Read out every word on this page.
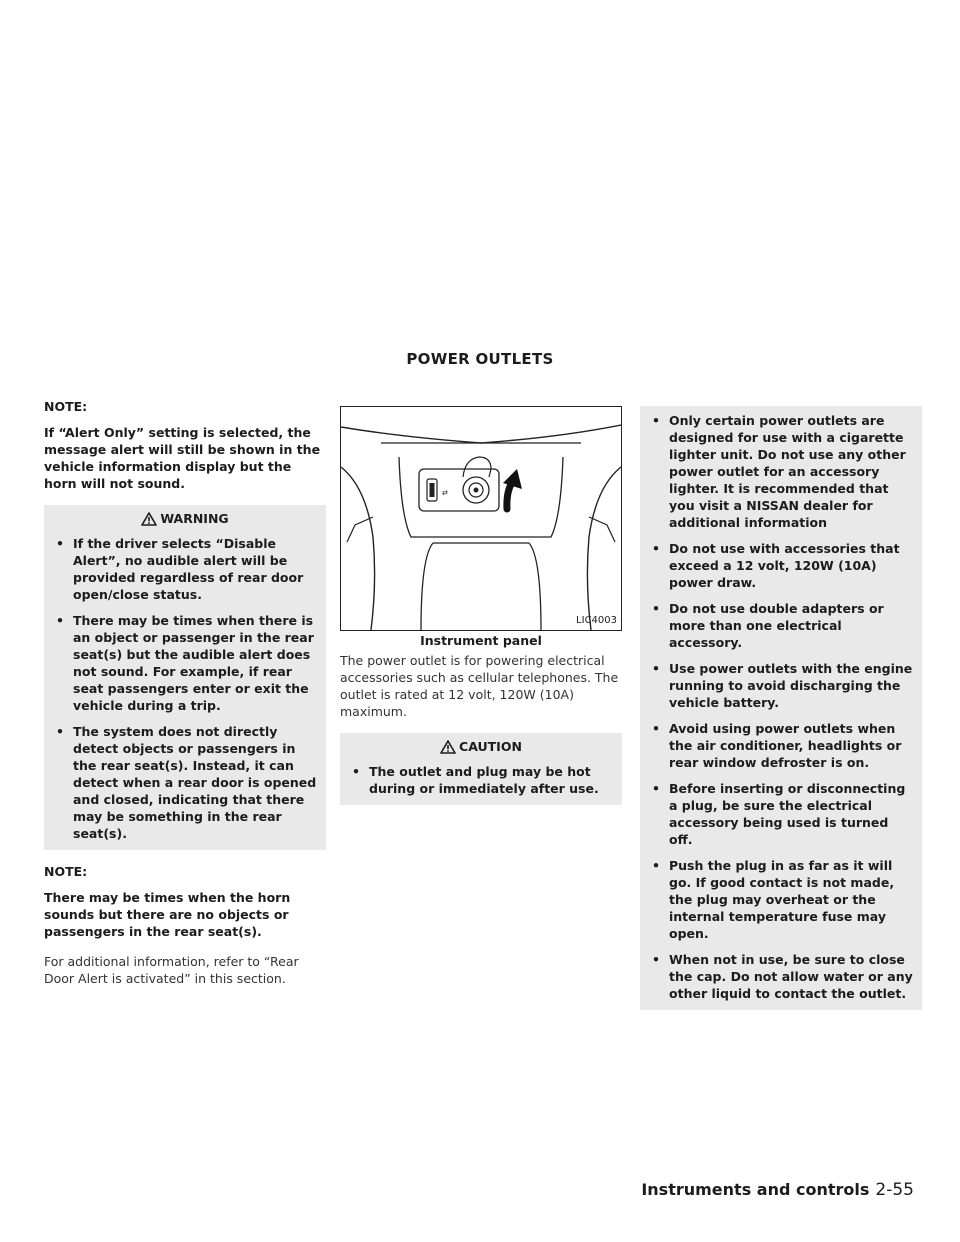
POWER OUTLETS

NOTE:

If “Alert Only” setting is selected, the message alert will still be shown in the vehicle information display but the horn will not sound.

WARNING
• If the driver selects “Disable Alert”, no audible alert will be provided regardless of rear door open/close status.
• There may be times when there is an object or passenger in the rear seat(s) but the audible alert does not sound. For example, if rear seat passengers enter or exit the vehicle during a trip.
• The system does not directly detect objects or passengers in the rear seat(s). Instead, it can detect when a rear door is opened and closed, indicating that there may be something in the rear seat(s).

NOTE:

There may be times when the horn sounds but there are no objects or passengers in the rear seat(s).

For additional information, refer to “Rear Door Alert is activated” in this section.

⇄
LIC4003

Instrument panel

The power outlet is for powering electrical accessories such as cellular telephones. The outlet is rated at 12 volt, 120W (10A) maximum.

CAUTION
• The outlet and plug may be hot during or immediately after use.
• Only certain power outlets are designed for use with a cigarette lighter unit. Do not use any other power outlet for an accessory lighter. It is recommended that you visit a NISSAN dealer for additional information
• Do not use with accessories that exceed a 12 volt, 120W (10A) power draw.
• Do not use double adapters or more than one electrical accessory.
• Use power outlets with the engine running to avoid discharging the vehicle battery.
• Avoid using power outlets when the air conditioner, headlights or rear window defroster is on.
• Before inserting or disconnecting a plug, be sure the electrical accessory being used is turned off.
• Push the plug in as far as it will go. If good contact is not made, the plug may overheat or the internal temperature fuse may open.
• When not in use, be sure to close the cap. Do not allow water or any other liquid to contact the outlet.
Instruments and controls 2-55
